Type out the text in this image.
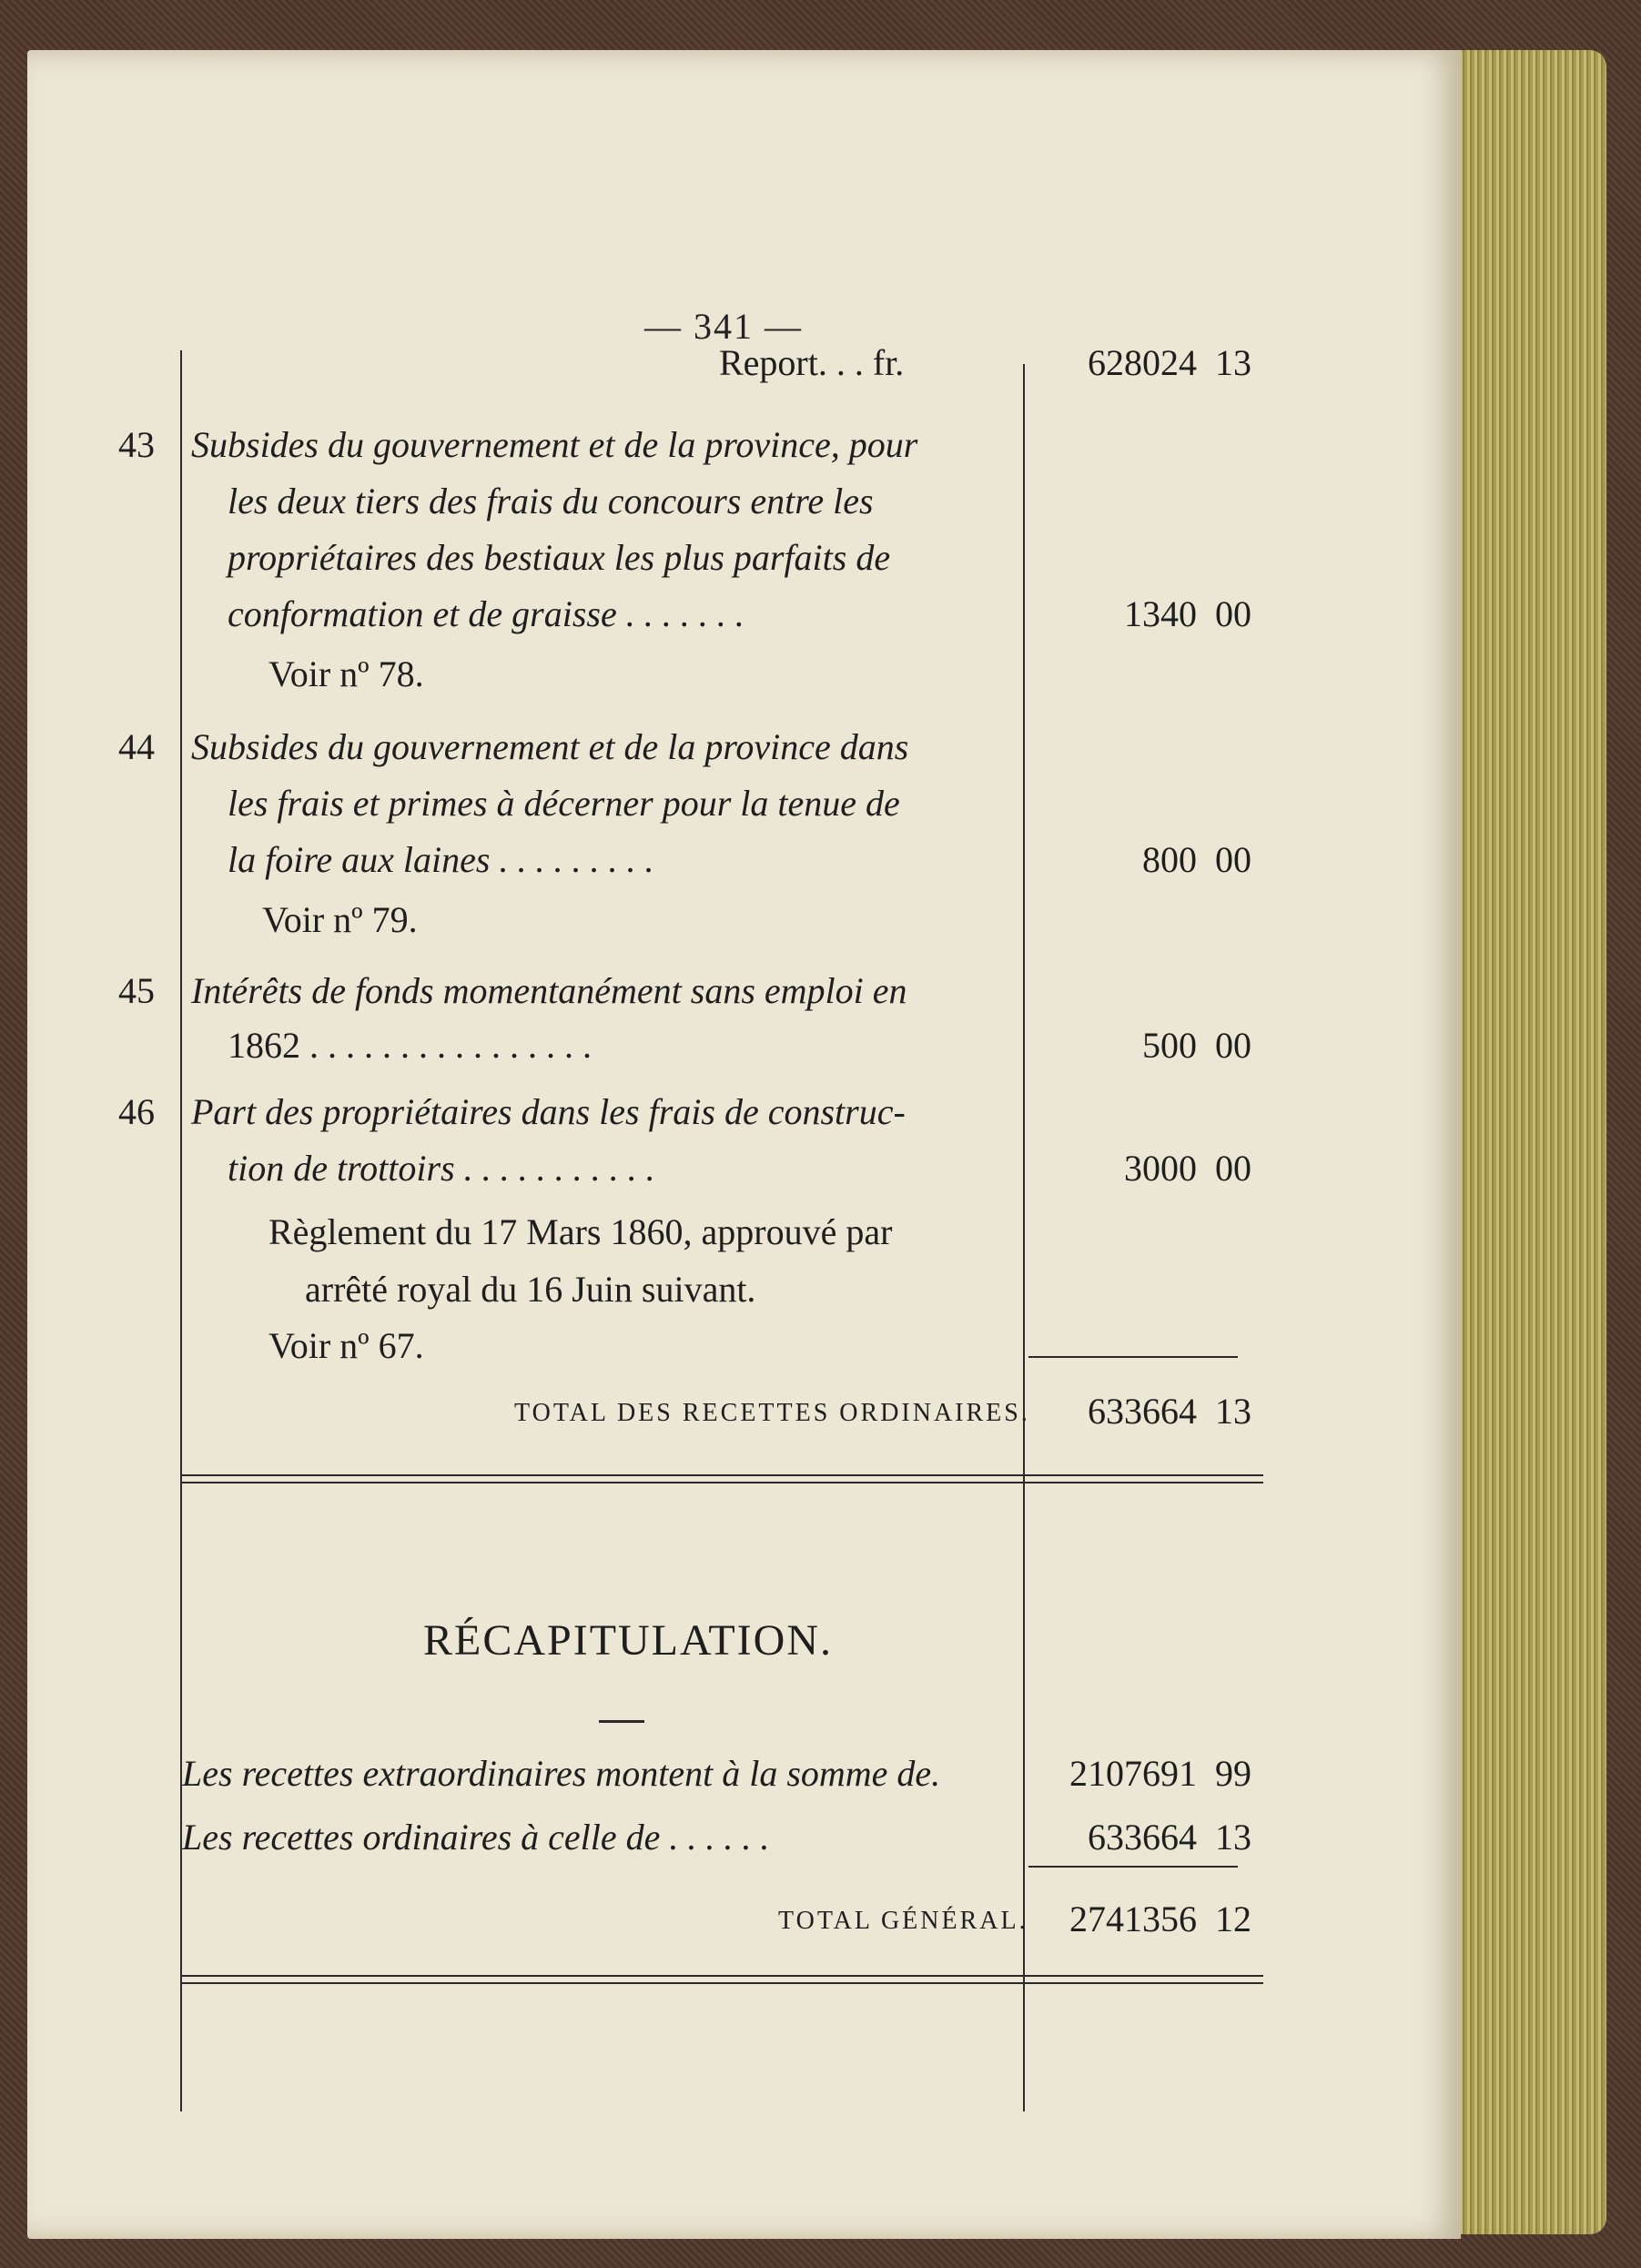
— 341 —
Report. . . fr.	628024 13
43 Subsides du gouvernement et de la province, pour
les deux tiers des frais du concours entre les
propriétaires des bestiaux les plus parfaits de
conformation et de graisse . . . . . . .	1340 00
Voir nº 78.
44 Subsides du gouvernement et de la province dans
les frais et primes à décerner pour la tenue de
la foire aux laines . . . . . . . . .	800 00
Voir nº 79.
45 Intérêts de fonds momentanément sans emploi en
1862 . . . . . . . . . . . . . . . .	500 00
46 Part des propriétaires dans les frais de construc-
tion de trottoirs . . . . . . . . . . .	3000 00
Règlement du 17 Mars 1860, approuvé par
arrêté royal du 16 Juin suivant.
Voir nº 67.
TOTAL DES RECETTES ORDINAIRES.	633664 13
RÉCAPITULATION.
Les recettes extraordinaires montent à la somme de.	2107691 99
Les recettes ordinaires à celle de . . . . . .	633664 13
TOTAL GÉNÉRAL. 2741356 12
